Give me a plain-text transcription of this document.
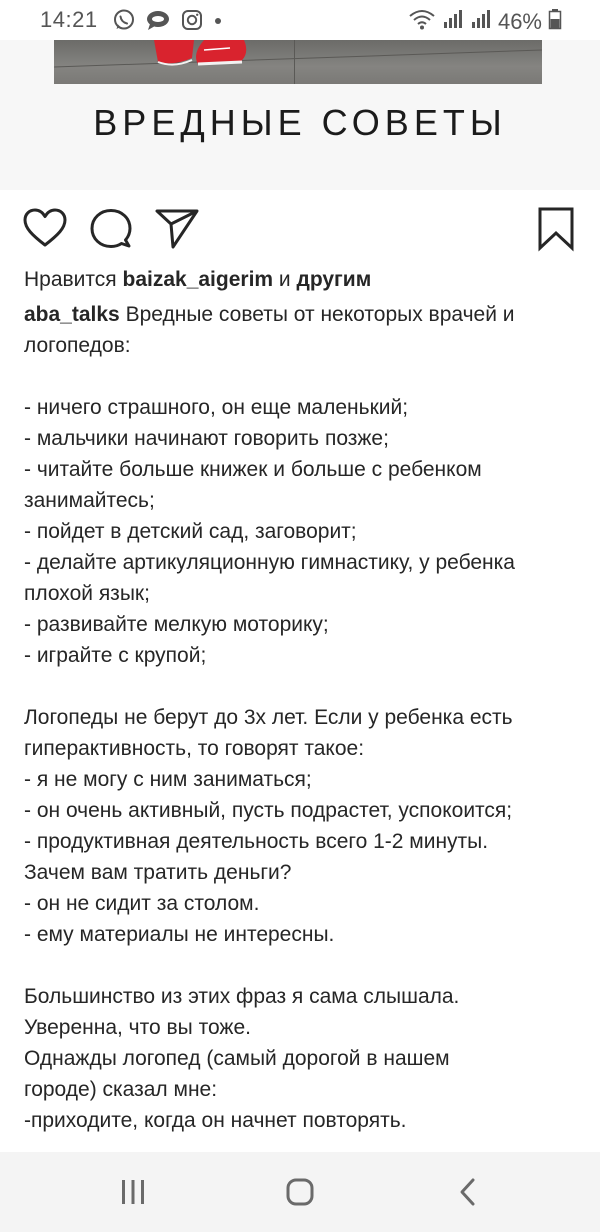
14:21	46%
ВРЕДНЫЕ СОВЕТЫ
Нравится baizak_aigerim и другим
aba_talks Вредные советы от некоторых врачей и
логопедов:
- ничего страшного, он еще маленький;
- мальчики начинают говорить позже;
- читайте больше книжек и больше с ребенком
занимайтесь;
- пойдет в детский сад, заговорит;
- делайте артикуляционную гимнастику, у ребенка
плохой язык;
- развивайте мелкую моторику;
- играйте с крупой;
Логопеды не берут до 3х лет. Если у ребенка есть
гиперактивность, то говорят такое:
- я не могу с ним заниматься;
- он очень активный, пусть подрастет, успокоится;
- продуктивная деятельность всего 1-2 минуты.
Зачем вам тратить деньги?
- он не сидит за столом.
- ему материалы не интересны.
Большинство из этих фраз я сама слышала.
Уверенна, что вы тоже.
Однажды логопед (самый дорогой в нашем
городе) сказал мне:
-приходите, когда он начнет повторять.
